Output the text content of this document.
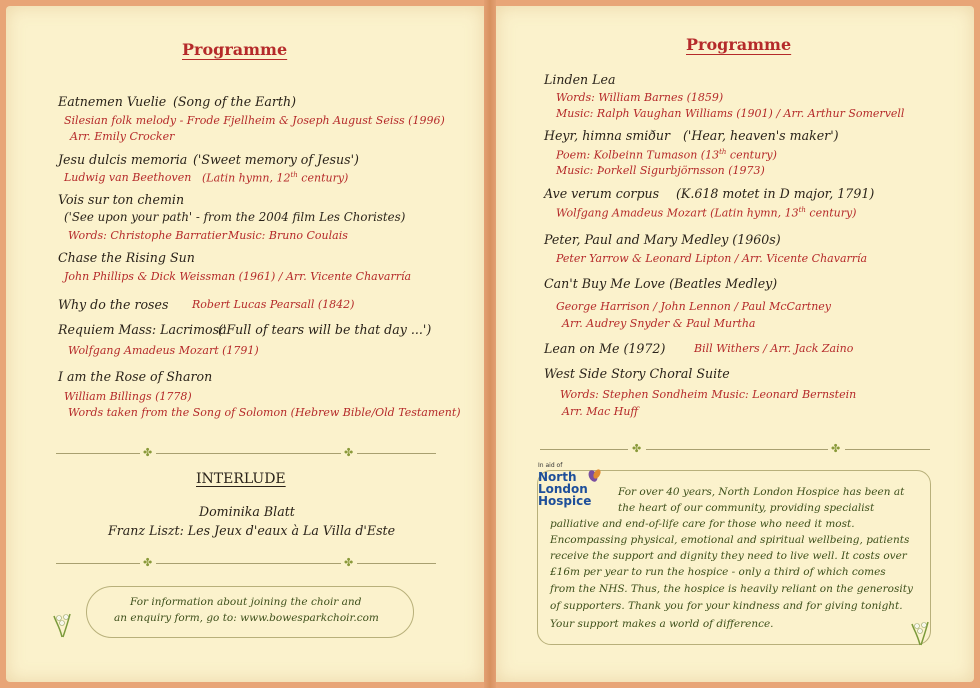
Programme
Eatnemen Vuelie (Song of the Earth)
Silesian folk melody - Frode Fjellheim & Joseph August Seiss (1996)
Arr. Emily Crocker
Jesu dulcis memoria ('Sweet memory of Jesus')
Ludwig van Beethoven (Latin hymn, 12th century)
Vois sur ton chemin
('See upon your path' - from the 2004 film Les Choristes)
Words: Christophe Barratier Music: Bruno Coulais
Chase the Rising Sun
John Phillips & Dick Weissman (1961) / Arr. Vicente Chavarría
Why do the roses Robert Lucas Pearsall (1842)
Requiem Mass: Lacrimosa
('Full of tears will be that day ...')
Wolfgang Amadeus Mozart (1791)
I am the Rose of Sharon
William Billings (1778)
Words taken from the Song of Solomon (Hebrew Bible/Old Testament)
✤	✤
INTERLUDE
Dominika Blatt
Franz Liszt: Les Jeux d'eaux à La Villa d'Este
✤	✤
For information about joining the choir and
an enquiry form, go to: www.bowesparkchoir.com
Programme
Linden Lea
Words: William Barnes (1859)
Music: Ralph Vaughan Williams (1901) / Arr. Arthur Somervell
Heyr, himna smiður ('Hear, heaven's maker')
Poem: Kolbeinn Tumason (13th century)
Music: Þorkell Sigurbjörnsson (1973)
Ave verum corpus (K.618 motet in D major, 1791)
Wolfgang Amadeus Mozart (Latin hymn, 13th century)
Peter, Paul and Mary Medley (1960s)
Peter Yarrow & Leonard Lipton / Arr. Vicente Chavarría
Can't Buy Me Love (Beatles Medley)
George Harrison / John Lennon / Paul McCartney
Arr. Audrey Snyder & Paul Murtha
Lean on Me (1972)	Bill Withers / Arr. Jack Zaino
West Side Story Choral Suite
Words: Stephen Sondheim Music: Leonard Bernstein
Arr. Mac Huff
✤	✤
In aid of
North
London
Hospice
For over 40 years, North London Hospice has been at
the heart of our community, providing specialist
palliative and end-of-life care for those who need it most.
Encompassing physical, emotional and spiritual wellbeing, patients
receive the support and dignity they need to live well. It costs over
£16m per year to run the hospice - only a third of which comes
from the NHS. Thus, the hospice is heavily reliant on the generosity
of supporters. Thank you for your kindness and for giving tonight.
Your support makes a world of difference.
